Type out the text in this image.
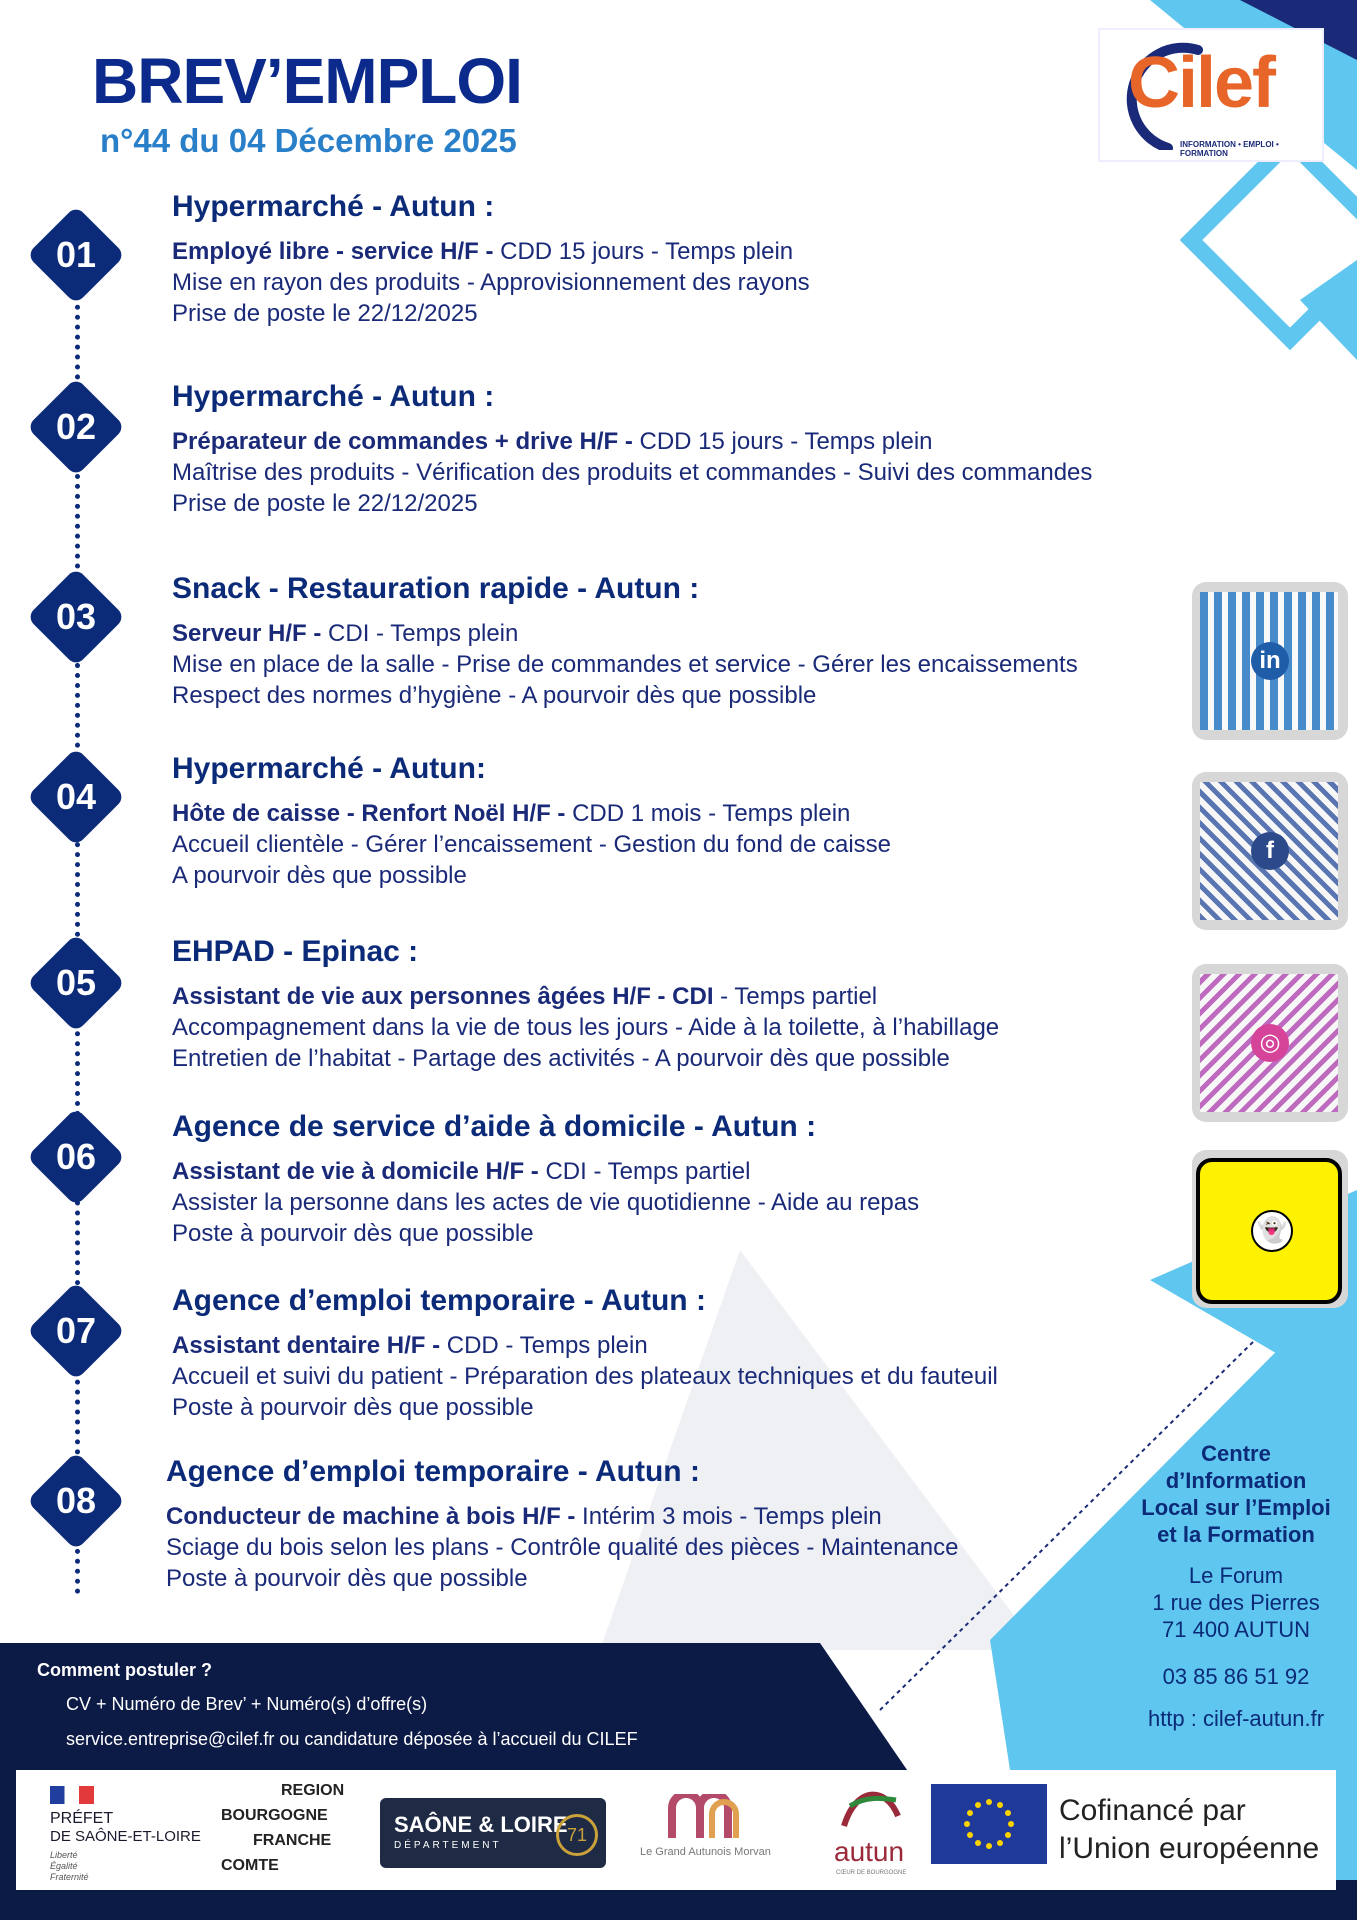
BREV’EMPLOI
n°44 du 04 Décembre 2025
Cilef
INFORMATION • EMPLOI • FORMATION
01
Hypermarché - Autun :

Employé libre - service H/F - CDD 15 jours - Temps plein

Mise en rayon des produits - Approvisionnement des rayons

Prise de poste le 22/12/2025

02
Hypermarché - Autun :

Préparateur de commandes + drive H/F - CDD 15 jours - Temps plein

Maîtrise des produits - Vérification des produits et commandes - Suivi des commandes

Prise de poste le 22/12/2025

03
Snack - Restauration rapide - Autun :

Serveur H/F - CDI - Temps plein

Mise en place de la salle - Prise de commandes et service - Gérer les encaissements

Respect des normes d’hygiène - A pourvoir dès que possible

04
Hypermarché - Autun:

Hôte de caisse - Renfort Noël H/F - CDD 1 mois - Temps plein

Accueil clientèle - Gérer l’encaissement - Gestion du fond de caisse

A pourvoir dès que possible

05
EHPAD - Epinac :

Assistant de vie aux personnes âgées H/F - CDI - Temps partiel

Accompagnement dans la vie de tous les jours - Aide à la toilette, à l’habillage

Entretien de l’habitat - Partage des activités - A pourvoir dès que possible

06
Agence de service d’aide à domicile - Autun :

Assistant de vie à domicile H/F - CDI - Temps partiel

Assister la personne dans les actes de vie quotidienne - Aide au repas

Poste à pourvoir dès que possible

07
Agence d’emploi temporaire - Autun :

Assistant dentaire H/F - CDD - Temps plein

Accueil et suivi du patient - Préparation des plateaux techniques et du fauteuil

Poste à pourvoir dès que possible

08
Agence d’emploi temporaire - Autun :

Conducteur de machine à bois H/F - Intérim 3 mois - Temps plein

Sciage du bois selon les plans - Contrôle qualité des pièces - Maintenance

Poste à pourvoir dès que possible

in
f
◎
👻
Centre
d’Information
Local sur l’Emploi
et la Formation
Le Forum
1 rue des Pierres
71 400 AUTUN
03 85 86 51 92
http : cilef-autun.fr
Comment postuler ?
CV + Numéro de Brev’ + Numéro(s) d’offre(s)
service.entreprise@cilef.fr ou candidature déposée à l’accueil du CILEF
PRÉFET
DE SAÔNE-ET-LOIRE
Liberté
Égalité
Fraternité
REGION
BOURGOGNE
FRANCHE
COMTE
SAÔNE & LOIRE
DÉPARTEMENT
71
Le Grand Autunois Morvan autun
CŒUR DE BOURGOGNE
Cofinancé par
l’Union européenne
